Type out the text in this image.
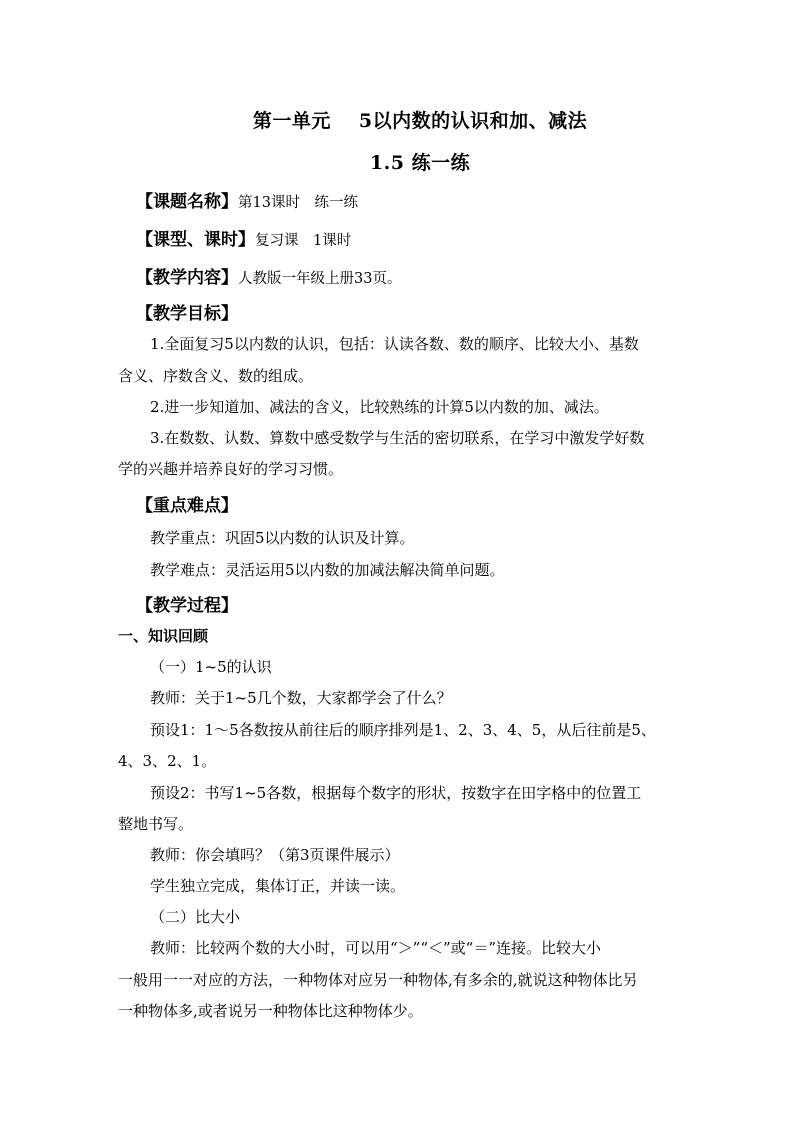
第一单元 5以内数的认识和加、减法
1.5 练一练
【课题名称】第13课时　练一练
【课型、课时】复习课　1课时
【教学内容】人教版一年级上册33页。
【教学目标】
1.全面复习5以内数的认识，包括：认读各数、数的顺序、比较大小、基数
含义、序数含义、数的组成。
2.进一步知道加、减法的含义，比较熟练的计算5以内数的加、减法。
3.在数数、认数、算数中感受数学与生活的密切联系，在学习中激发学好数
学的兴趣并培养良好的学习习惯。
【重点难点】
教学重点：巩固5以内数的认识及计算。
教学难点：灵活运用5以内数的加减法解决简单问题。
【教学过程】
一、知识回顾
（一）1~5的认识
教师：关于1~5几个数，大家都学会了什么？
预设1：1～5各数按从前往后的顺序排列是1、2、3、4、5，从后往前是5、
4、3、2、1。
预设2：书写1~5各数，根据每个数字的形状，按数字在田字格中的位置工
整地书写。
教师：你会填吗？（第3页课件展示）
学生独立完成，集体订正，并读一读。
（二）比大小
教师：比较两个数的大小时，可以用“＞”“＜”或“＝”连接。比较大小
一般用一一对应的方法，一种物体对应另一种物体,有多余的,就说这种物体比另
一种物体多,或者说另一种物体比这种物体少。
